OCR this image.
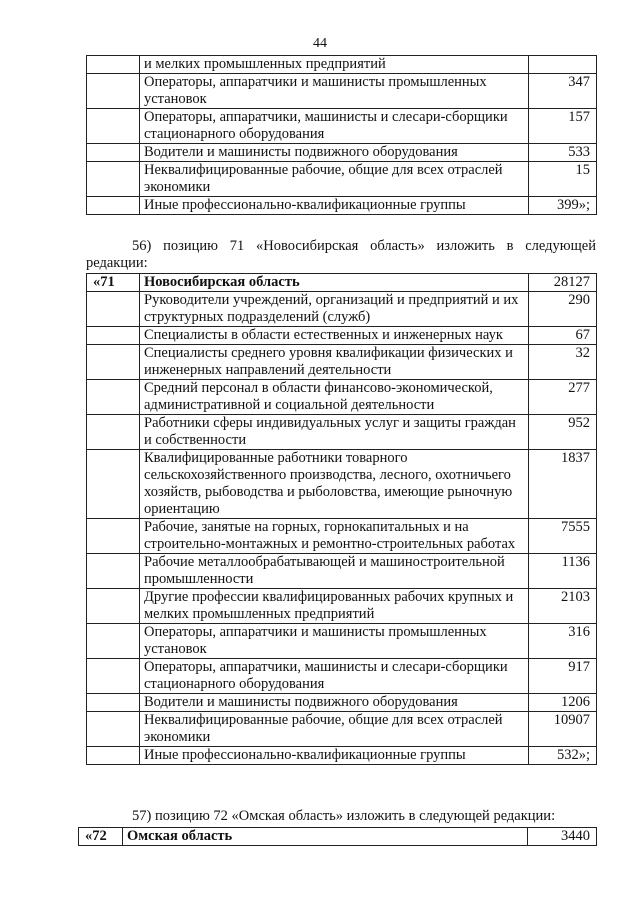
44
	и мелких промышленных предприятий	
	Операторы, аппаратчики и машинисты промышленных установок	347
	Операторы, аппаратчики, машинисты и слесари-сборщики стационарного оборудования	157
	Водители и машинисты подвижного оборудования	533
	Неквалифицированные рабочие, общие для всех отраслей экономики	15
	Иные профессионально-квалификационные группы	399»;
56) позицию 71 «Новосибирская область» изложить в следующей редакции:
«71	Новосибирская область	28127
	Руководители учреждений, организаций и предприятий и их структурных подразделений (служб)	290
	Специалисты в области естественных и инженерных наук	67
	Специалисты среднего уровня квалификации физических и инженерных направлений деятельности	32
	Средний персонал в области финансово-экономической, административной и социальной деятельности	277
	Работники сферы индивидуальных услуг и защиты граждан и собственности	952
	Квалифицированные работники товарного сельскохозяйственного производства, лесного, охотничьего хозяйств, рыбоводства и рыболовства, имеющие рыночную ориентацию	1837
	Рабочие, занятые на горных, горнокапитальных и на строительно-монтажных и ремонтно-строительных работах	7555
	Рабочие металлообрабатывающей и машиностроительной промышленности	1136
	Другие профессии квалифицированных рабочих крупных и мелких промышленных предприятий	2103
	Операторы, аппаратчики и машинисты промышленных установок	316
	Операторы, аппаратчики, машинисты и слесари-сборщики стационарного оборудования	917
	Водители и машинисты подвижного оборудования	1206
	Неквалифицированные рабочие, общие для всех отраслей экономики	10907
	Иные профессионально-квалификационные группы	532»;
57) позицию 72 «Омская область» изложить в следующей редакции:
«72	Омская область	3440
